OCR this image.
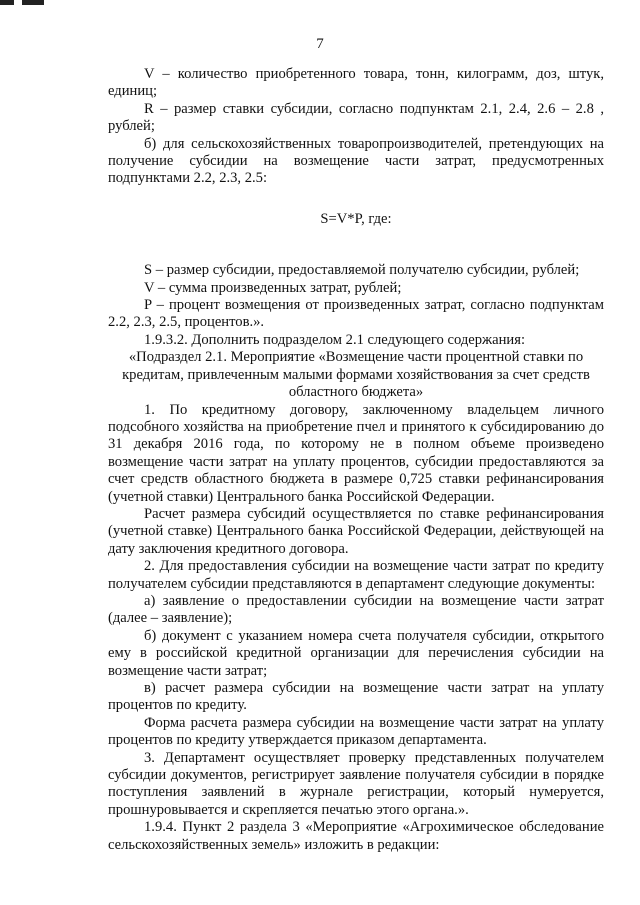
7

V – количество приобретенного товара, тонн, килограмм, доз, штук, единиц;

R – размер ставки субсидии, согласно подпунктам 2.1, 2.4, 2.6 – 2.8 , рублей;

б) для сельскохозяйственных товаропроизводителей, претендующих на получение субсидии на возмещение части затрат, предусмотренных подпунктами 2.2, 2.3, 2.5:

S=V*P, где:

S – размер субсидии, предоставляемой получателю субсидии, рублей;

V – сумма произведенных затрат, рублей;

P – процент возмещения от произведенных затрат, согласно подпунктам 2.2, 2.3, 2.5, процентов.».

1.9.3.2. Дополнить подразделом 2.1 следующего содержания:

«Подраздел 2.1. Мероприятие «Возмещение части процентной ставки по кредитам, привлеченным малыми формами хозяйствования за счет средств областного бюджета»

1. По кредитному договору, заключенному владельцем личного подсобного хозяйства на приобретение пчел и принятого к субсидированию до 31 декабря 2016 года, по которому не в полном объеме произведено возмещение части затрат на уплату процентов, субсидии предоставляются за счет средств областного бюджета в размере 0,725 ставки рефинансирования (учетной ставки) Центрального банка Российской Федерации.

Расчет размера субсидий осуществляется по ставке рефинансирования (учетной ставке) Центрального банка Российской Федерации, действующей на дату заключения кредитного договора.

2. Для предоставления субсидии на возмещение части затрат по кредиту получателем субсидии представляются в департамент следующие документы:

а) заявление о предоставлении субсидии на возмещение части затрат (далее – заявление);

б) документ с указанием номера счета получателя субсидии, открытого ему в российской кредитной организации для перечисления субсидии на возмещение части затрат;

в) расчет размера субсидии на возмещение части затрат на уплату процентов по кредиту.

Форма расчета размера субсидии на возмещение части затрат на уплату процентов по кредиту утверждается приказом департамента.

3. Департамент осуществляет проверку представленных получателем субсидии документов, регистрирует заявление получателя субсидии в порядке поступления заявлений в журнале регистрации, который нумеруется, прошнуровывается и скрепляется печатью этого органа.».

1.9.4. Пункт 2 раздела 3 «Мероприятие «Агрохимическое обследование сельскохозяйственных земель» изложить в редакции:
